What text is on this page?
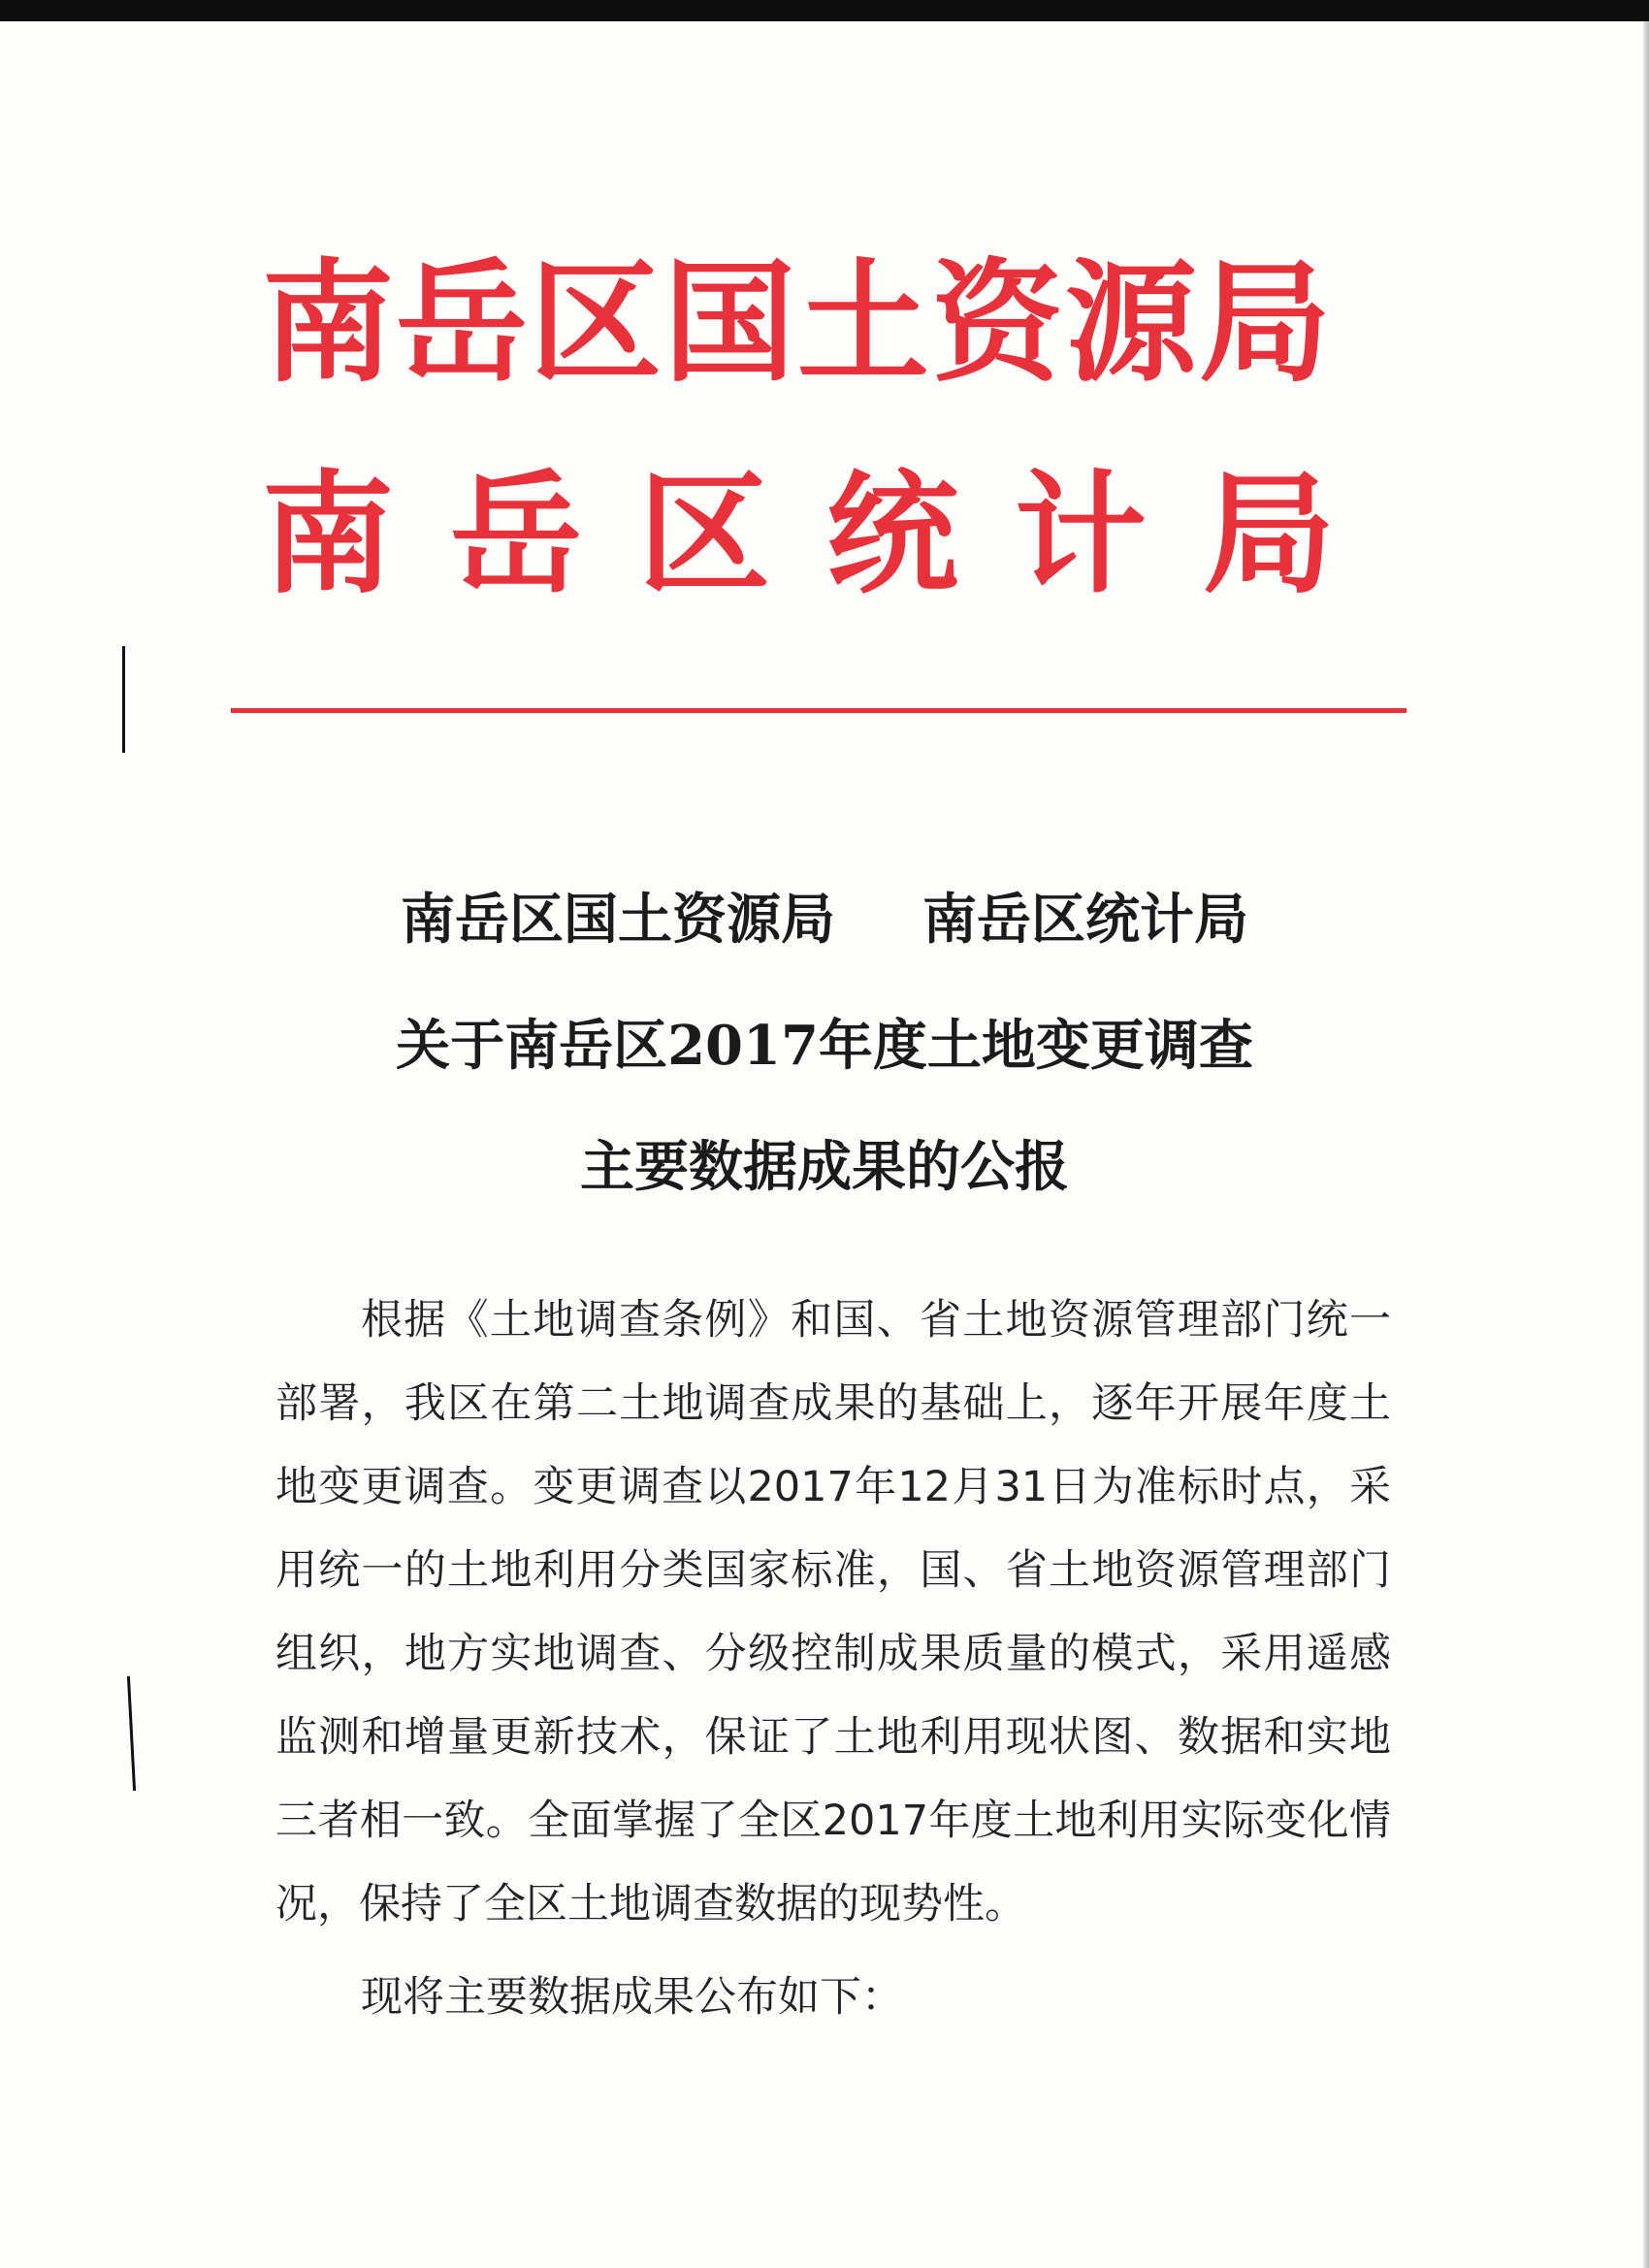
南岳区国土资源局
南岳区统计局
南岳区国土资源局 南岳区统计局
关于南岳区2017年度土地变更调查
主要数据成果的公报

根据《土地调查条例》和国、省土地资源管理部门统一部署，我区在第二土地调查成果的基础上，逐年开展年度土地变更调查。变更调查以2017年12月31日为准标时点，采用统一的土地利用分类国家标准，国、省土地资源管理部门组织，地方实地调查、分级控制成果质量的模式，采用遥感监测和增量更新技术，保证了土地利用现状图、数据和实地三者相一致。全面掌握了全区2017年度土地利用实际变化情况，保持了全区土地调查数据的现势性。

现将主要数据成果公布如下：
